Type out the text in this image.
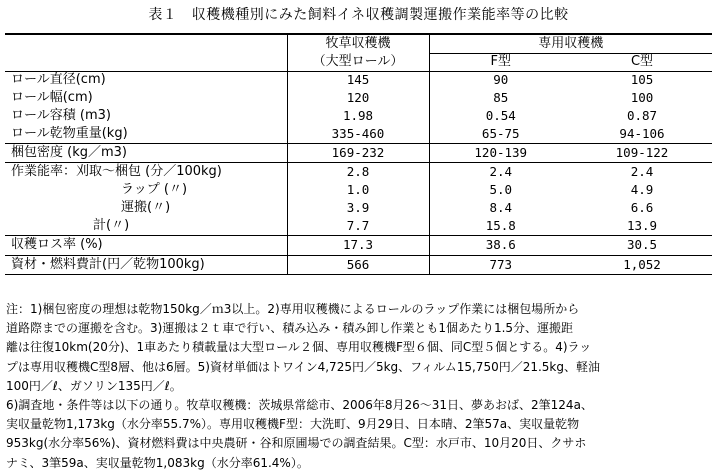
表１　収穫機種別にみた飼料イネ収穫調製運搬作業能率等の比較
	牧草収穫機	専用収穫機	
	（大型ロール）	F型	C型
ロール直径(cm)	145	90	105
ロール幅(cm)	120	85	100
ロール容積 (m3)	1.98	0.54	0.87
ロール乾物重量(kg)	335-460	65-75	94-106
梱包密度 (kg／m3)	169-232	120-139	109-122
作業能率：刈取～梱包 (分／100kg)	2.8	2.4	2.4
ラップ (〃)	1.0	5.0	4.9
運搬(〃)	3.9	8.4	6.6
計(〃)	7.7	15.8	13.9
収穫ロス率 (%)	17.3	38.6	30.5
資材・燃料費計(円／乾物100kg)	566	773	1,052
注：1)梱包密度の理想は乾物150kg／ｍ3以上。2)専用収穫機によるロールのラップ作業には梱包場所から
道路際までの運搬を含む。3)運搬は２ｔ車で行い、積み込み・積み卸し作業とも1個あたり1.5分、運搬距
離は往復10km(20分)、1車あたり積載量は大型ロール２個、専用収穫機F型６個、同C型５個とする。4)ラッ
プは専用収穫機C型8層、他は6層。5)資材単価はトワイン4,725円／5kg、フィルム15,750円／21.5kg、軽油
100円／ℓ、ガソリン135円／ℓ。
6)調査地・条件等は以下の通り。牧草収穫機：茨城県常総市、2006年8月26～31日、夢あおば、2筆124a、
実収量乾物1,173kg（水分率55.7%）。専用収穫機F型：大洗町、9月29日、日本晴、2筆57a、実収量乾物
953kg(水分率56%)、資材燃料費は中央農研・谷和原圃場での調査結果。C型：水戸市、10月20日、クサホ
ナミ、3筆59a、実収量乾物1,083kg（水分率61.4%）。
